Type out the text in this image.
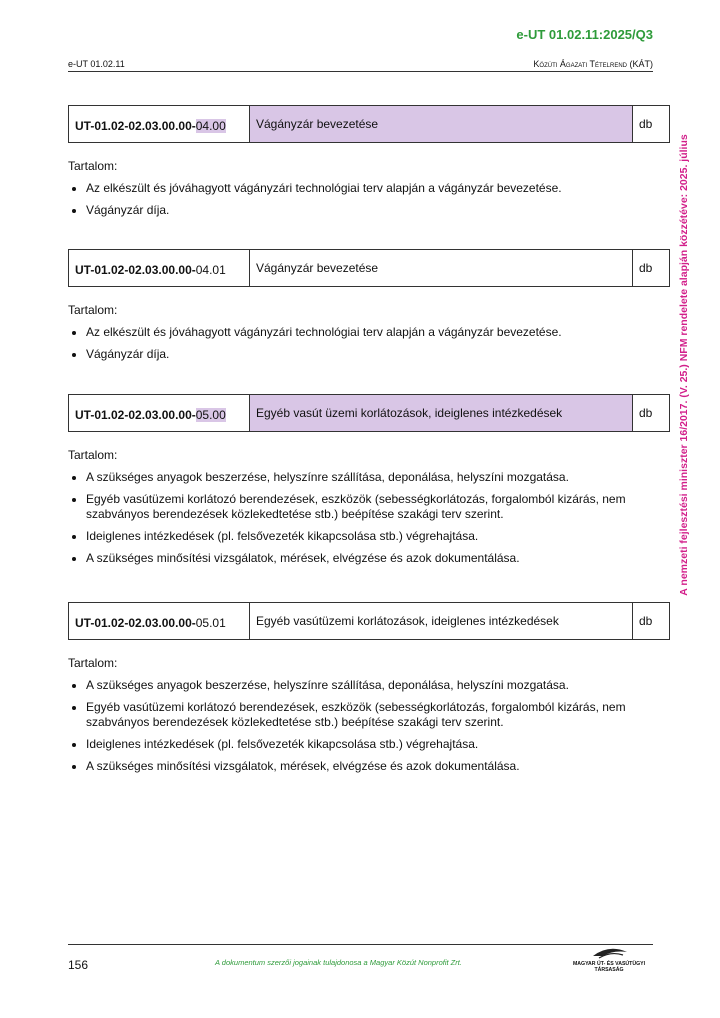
e-UT 01.02.11:2025/Q3
e-UT 01.02.11	Közúti Ágazati Tételrend (KÁT)
A nemzeti fejlesztési miniszter 16/2017. (V. 25.) NFM rendelete alapján közzétéve: 2025. július
UT-01.02-02.03.00.00-04.00	Vágányzár bevezetése	db
Tartalom:
• Az elkészült és jóváhagyott vágányzári technológiai terv alapján a vágányzár bevezetése.
• Vágányzár díja.
UT-01.02-02.03.00.00-04.01	Vágányzár bevezetése	db
Tartalom:
• Az elkészült és jóváhagyott vágányzári technológiai terv alapján a vágányzár bevezetése.
• Vágányzár díja.
UT-01.02-02.03.00.00-05.00	Egyéb vasút üzemi korlátozások, ideiglenes intézkedések	db
Tartalom:
• A szükséges anyagok beszerzése, helyszínre szállítása, deponálása, helyszíni mozgatása.
• Egyéb vasútüzemi korlátozó berendezések, eszközök (sebességkorlátozás, forgalomból kizárás, nem szabványos berendezések közlekedtetése stb.) beépítése szakági terv szerint.
• Ideiglenes intézkedések (pl. felsővezeték kikapcsolása stb.) végrehajtása.
• A szükséges minősítési vizsgálatok, mérések, elvégzése és azok dokumentálása.
UT-01.02-02.03.00.00-05.01	Egyéb vasútüzemi korlátozások, ideiglenes intézkedések	db
Tartalom:
• A szükséges anyagok beszerzése, helyszínre szállítása, deponálása, helyszíni mozgatása.
• Egyéb vasútüzemi korlátozó berendezések, eszközök (sebességkorlátozás, forgalomból kizárás, nem szabványos berendezések közlekedtetése stb.) beépítése szakági terv szerint.
• Ideiglenes intézkedések (pl. felsővezeték kikapcsolása stb.) végrehajtása.
• A szükséges minősítési vizsgálatok, mérések, elvégzése és azok dokumentálása.
156	A dokumentum szerzői jogainak tulajdonosa a Magyar Közút Nonprofit Zrt.	MAGYAR ÚT- ÉS VASÚTÜGYI TÁRSASÁG
